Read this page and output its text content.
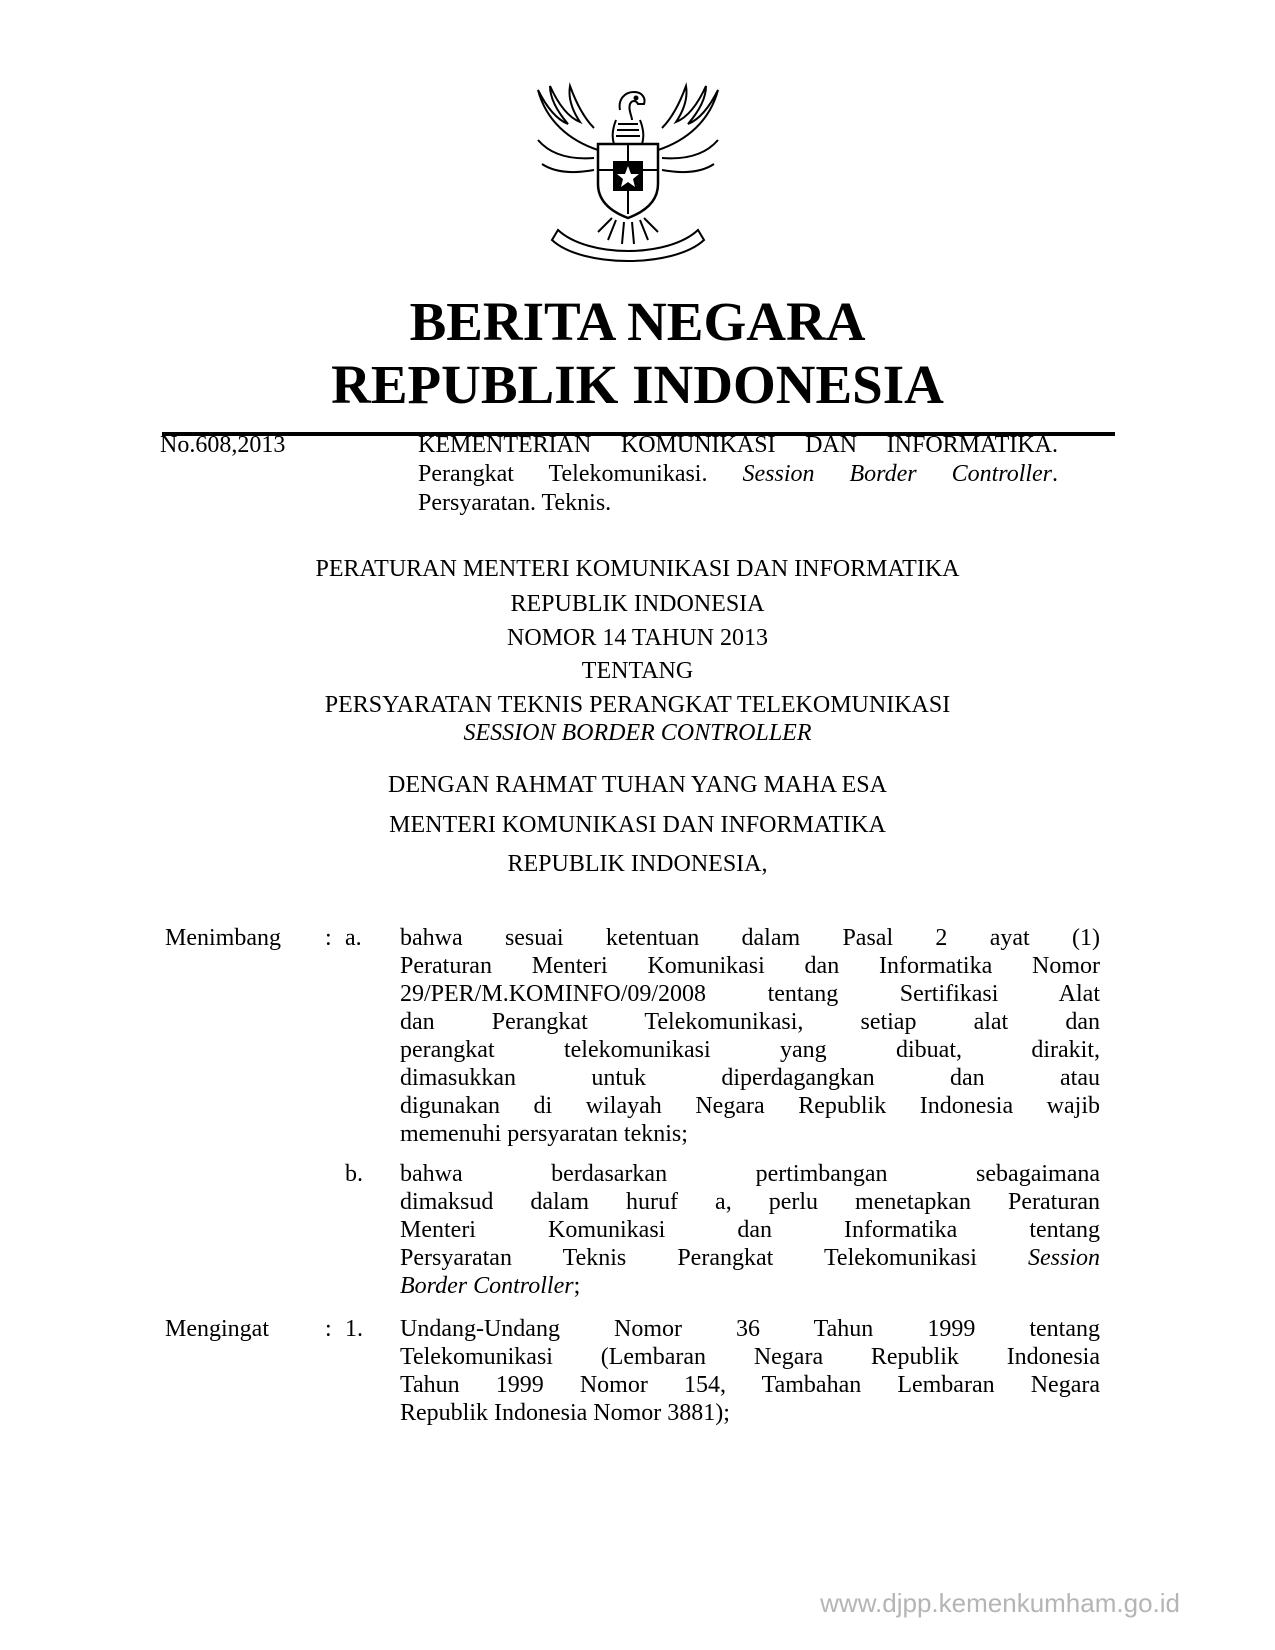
BERITA NEGARA
REPUBLIK INDONESIA
No.608,2013	KEMENTERIAN KOMUNIKASI DAN INFORMATIKA.
Perangkat Telekomunikasi. Session Border Controller.
Persyaratan. Teknis.
PERATURAN MENTERI KOMUNIKASI DAN INFORMATIKA
REPUBLIK INDONESIA
NOMOR 14 TAHUN 2013
TENTANG
PERSYARATAN TEKNIS PERANGKAT TELEKOMUNIKASI
SESSION BORDER CONTROLLER
DENGAN RAHMAT TUHAN YANG MAHA ESA
MENTERI KOMUNIKASI DAN INFORMATIKA
REPUBLIK INDONESIA,
Menimbang : a.	bahwa sesuai ketentuan dalam Pasal 2 ayat (1)
Peraturan Menteri Komunikasi dan Informatika Nomor
29/PER/M.KOMINFO/09/2008 tentang Sertifikasi Alat
dan Perangkat Telekomunikasi, setiap alat dan
perangkat telekomunikasi yang dibuat, dirakit,
dimasukkan untuk diperdagangkan dan atau
digunakan di wilayah Negara Republik Indonesia wajib
memenuhi persyaratan teknis;
b.	bahwa berdasarkan pertimbangan sebagaimana
dimaksud dalam huruf a, perlu menetapkan Peraturan
Menteri Komunikasi dan Informatika tentang
Persyaratan Teknis Perangkat Telekomunikasi Session
Border Controller;
Mengingat : 1.	Undang-Undang Nomor 36 Tahun 1999 tentang
Telekomunikasi (Lembaran Negara Republik Indonesia
Tahun 1999 Nomor 154, Tambahan Lembaran Negara
Republik Indonesia Nomor 3881);
www.djpp.kemenkumham.go.id
